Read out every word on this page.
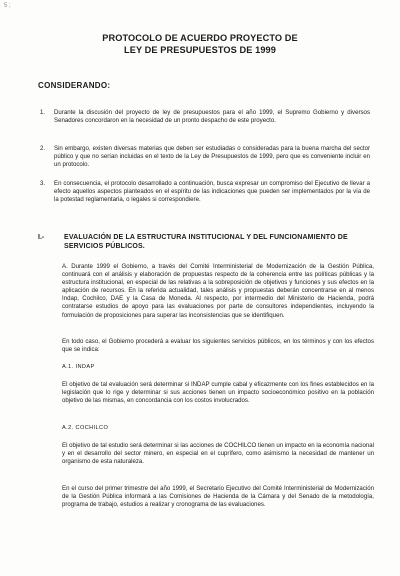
5 ;
PROTOCOLO DE ACUERDO PROYECTO DE
LEY DE PRESUPUESTOS DE 1999
CONSIDERANDO:
1.	Durante la discusión del proyecto de ley de presupuestos para el año 1999, el Supremo Gobierno y diversos Senadores concordaron en la necesidad de un pronto despacho de este proyecto.
2.	Sin embargo, existen diversas materias que deben ser estudiadas o consideradas para la buena marcha del sector público y que no serían incluidas en el texto de la Ley de Presupuestos de 1999, pero que es conveniente incluir en un protocolo.
3.	En consecuencia, el protocolo desarrollado a continuación, busca expresar un compromiso del Ejecutivo de llevar a efecto aquellos aspectos planteados en el espíritu de las indicaciones que pueden ser implementados por la vía de la potestad reglamentaria, o legales si correspondiere.
I.-	EVALUACIÓN DE LA ESTRUCTURA INSTITUCIONAL Y DEL FUNCIONAMIENTO DE SERVICIOS PÚBLICOS.
A. Durante 1999 el Gobierno, a través del Comité Interministerial de Modernización de la Gestión Pública, continuará con el análisis y elaboración de propuestas respecto de la coherencia entre las políticas públicas y la estructura institucional, en especial de las relativas a la sobreposición de objetivos y funciones y sus efectos en la aplicación de recursos. En la referida actualidad, tales análisis y propuestas deberán concentrarse en al menos Indap, Cochilco, DAE y la Casa de Moneda. Al respecto, por intermedio del Ministerio de Hacienda, podrá contratarse estudios de apoyo para las evaluaciones por parte de consultores independientes, incluyendo la formulación de proposiciones para superar las inconsistencias que se identifiquen.
En todo caso, el Gobierno procederá a evaluar los siguientes servicios públicos, en los términos y con los efectos que se indica:
A.1. INDAP
El objetivo de tal evaluación será determinar si INDAP cumple cabal y eficazmente con los fines establecidos en la legislación que lo rige y determinar si sus acciones tienen un impacto socioeconómico positivo en la población objetivo de las mismas, en concordancia con los costos involucrados.
A.2. COCHILCO
El objetivo de tal estudio será determinar si las acciones de COCHILCO tienen un impacto en la economía nacional y en el desarrollo del sector minero, en especial en el cuprífero, como asimismo la necesidad de mantener un organismo de esta naturaleza.
En el curso del primer trimestre del año 1999, el Secretario Ejecutivo del Comité Interministerial de Modernización de la Gestión Pública informará a las Comisiones de Hacienda de la Cámara y del Senado de la metodología, programa de trabajo, estudios a realizar y cronograma de las evaluaciones.
